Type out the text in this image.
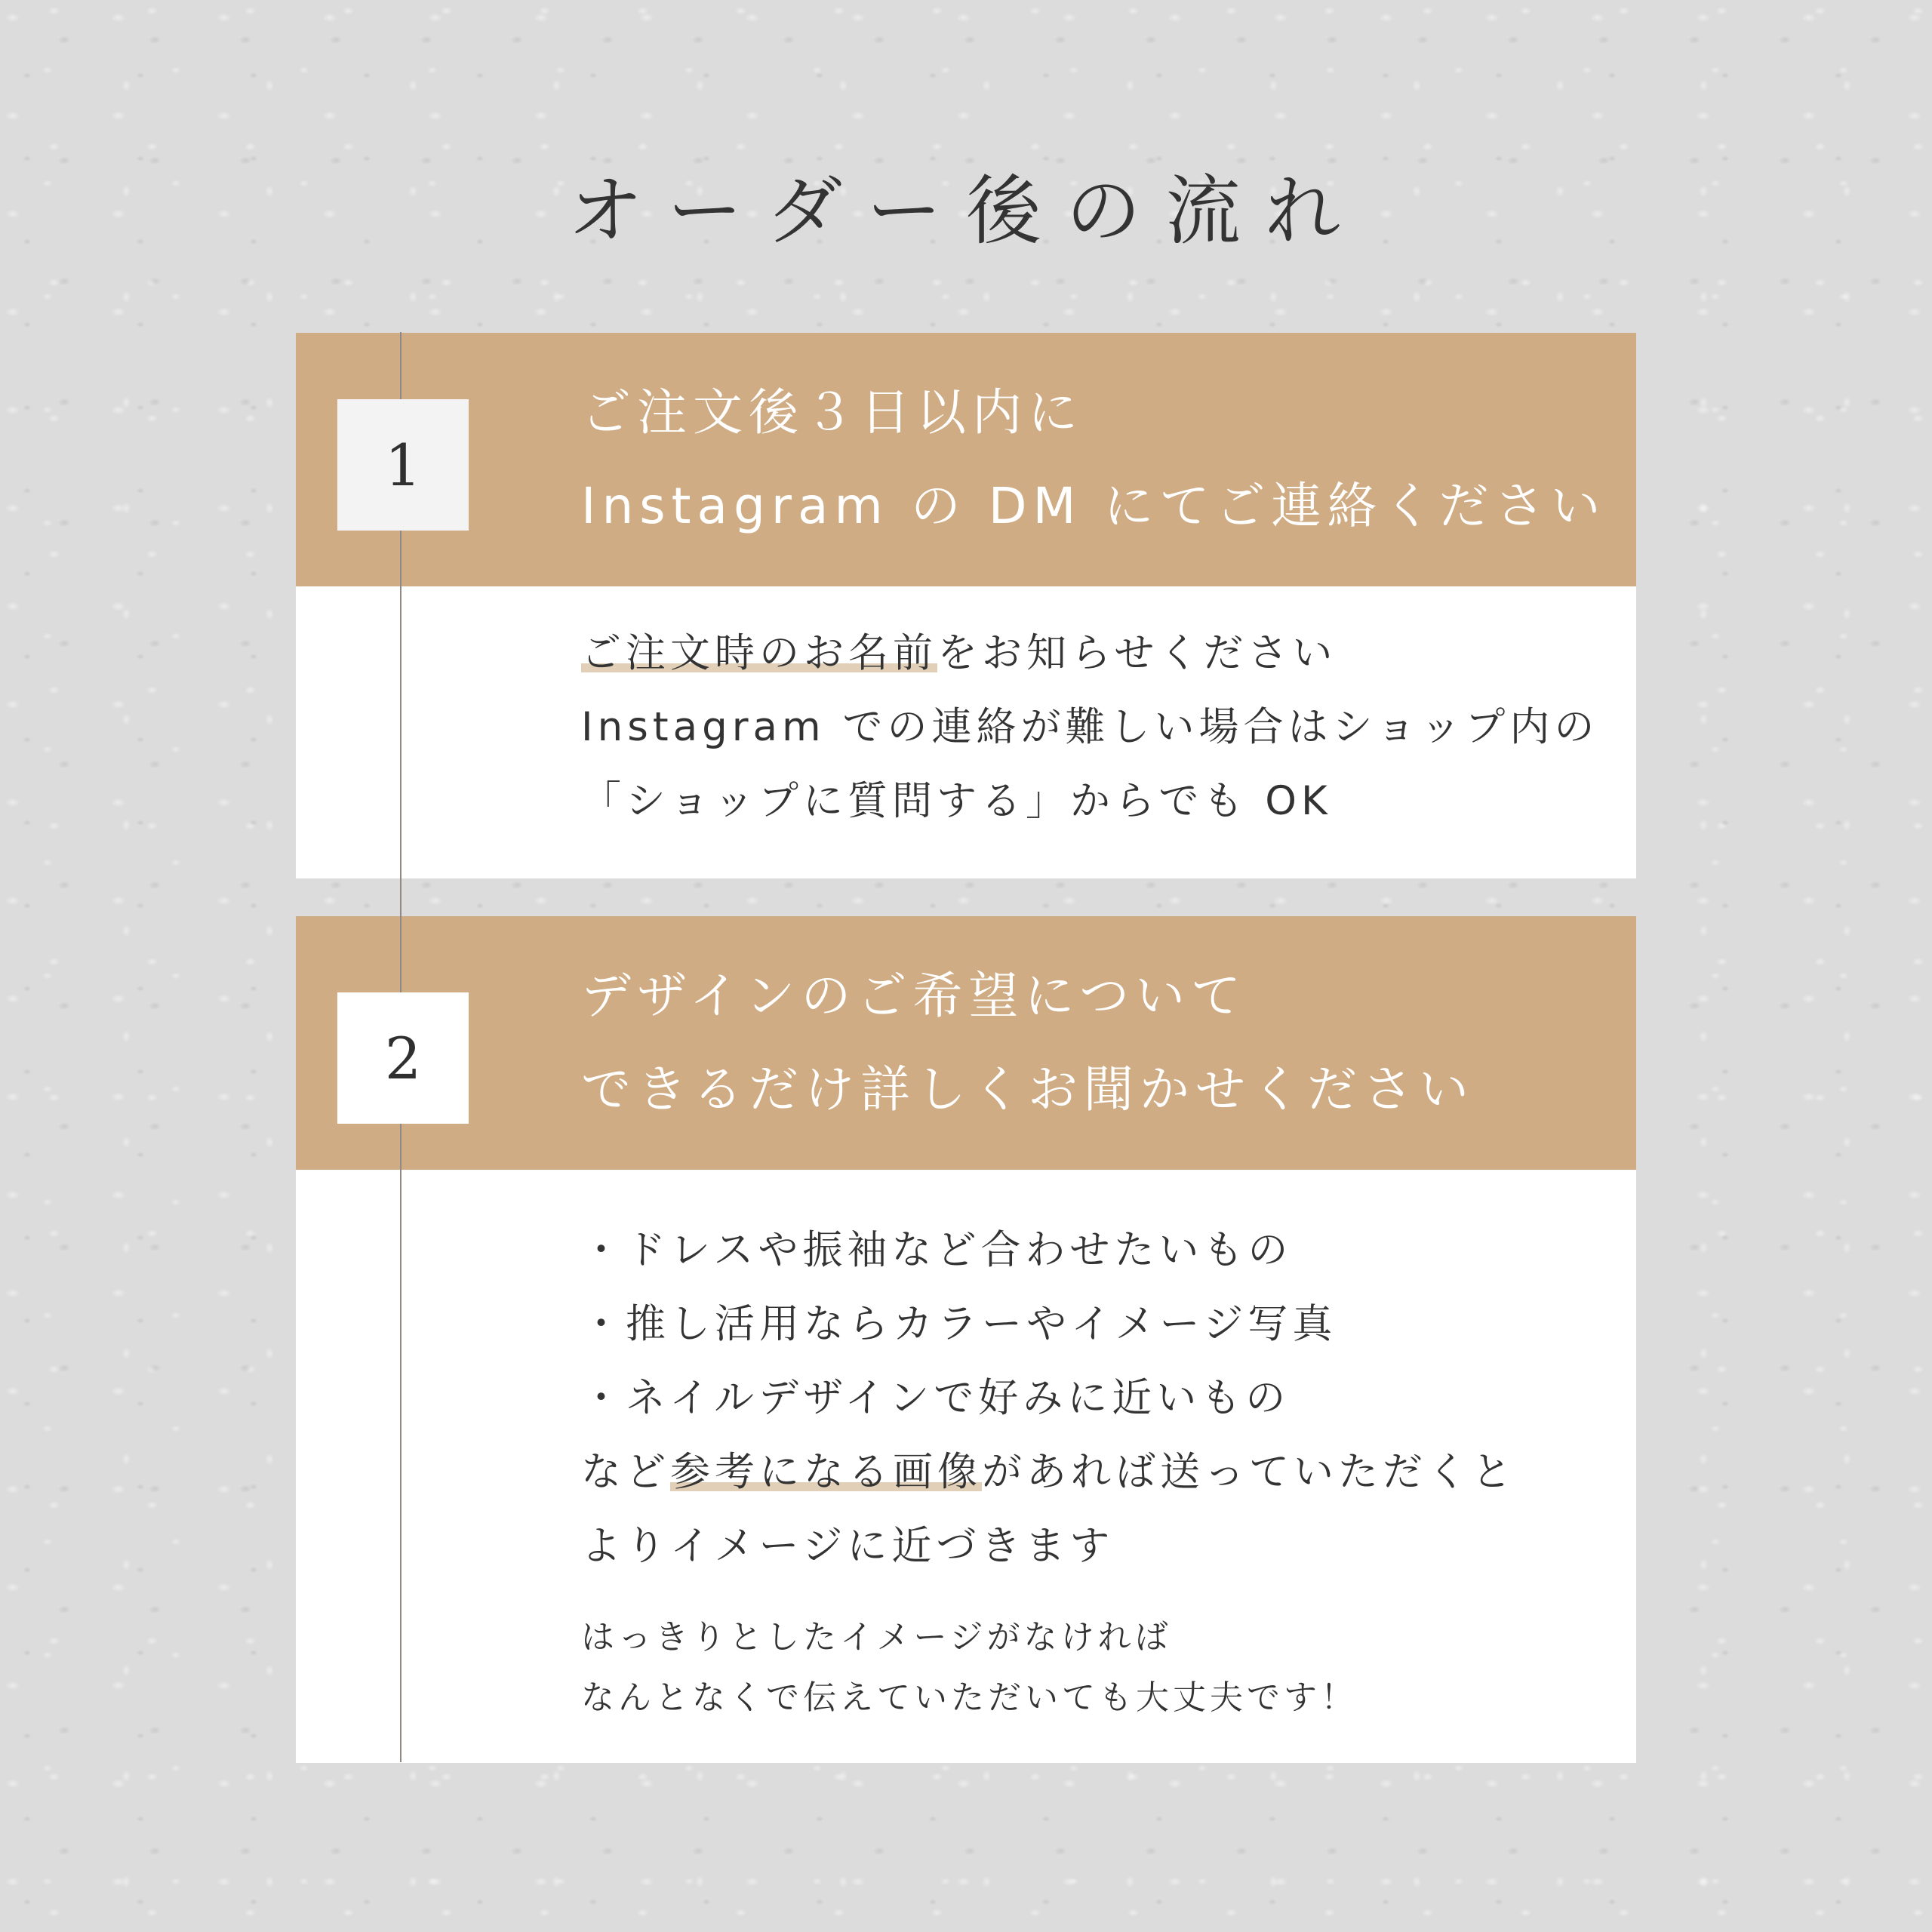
オーダー後の流れ
1
ご注文後３日以内に
Instagram の DM にてご連絡ください
ご注文時のお名前をお知らせください
Instagram での連絡が難しい場合はショップ内の
「ショップに質問する」からでも OK
2
デザインのご希望について
できるだけ詳しくお聞かせください
・ドレスや振袖など合わせたいもの
・推し活用ならカラーやイメージ写真
・ネイルデザインで好みに近いもの
など参考になる画像があれば送っていただくと
よりイメージに近づきます
はっきりとしたイメージがなければ
なんとなくで伝えていただいても大丈夫です！
